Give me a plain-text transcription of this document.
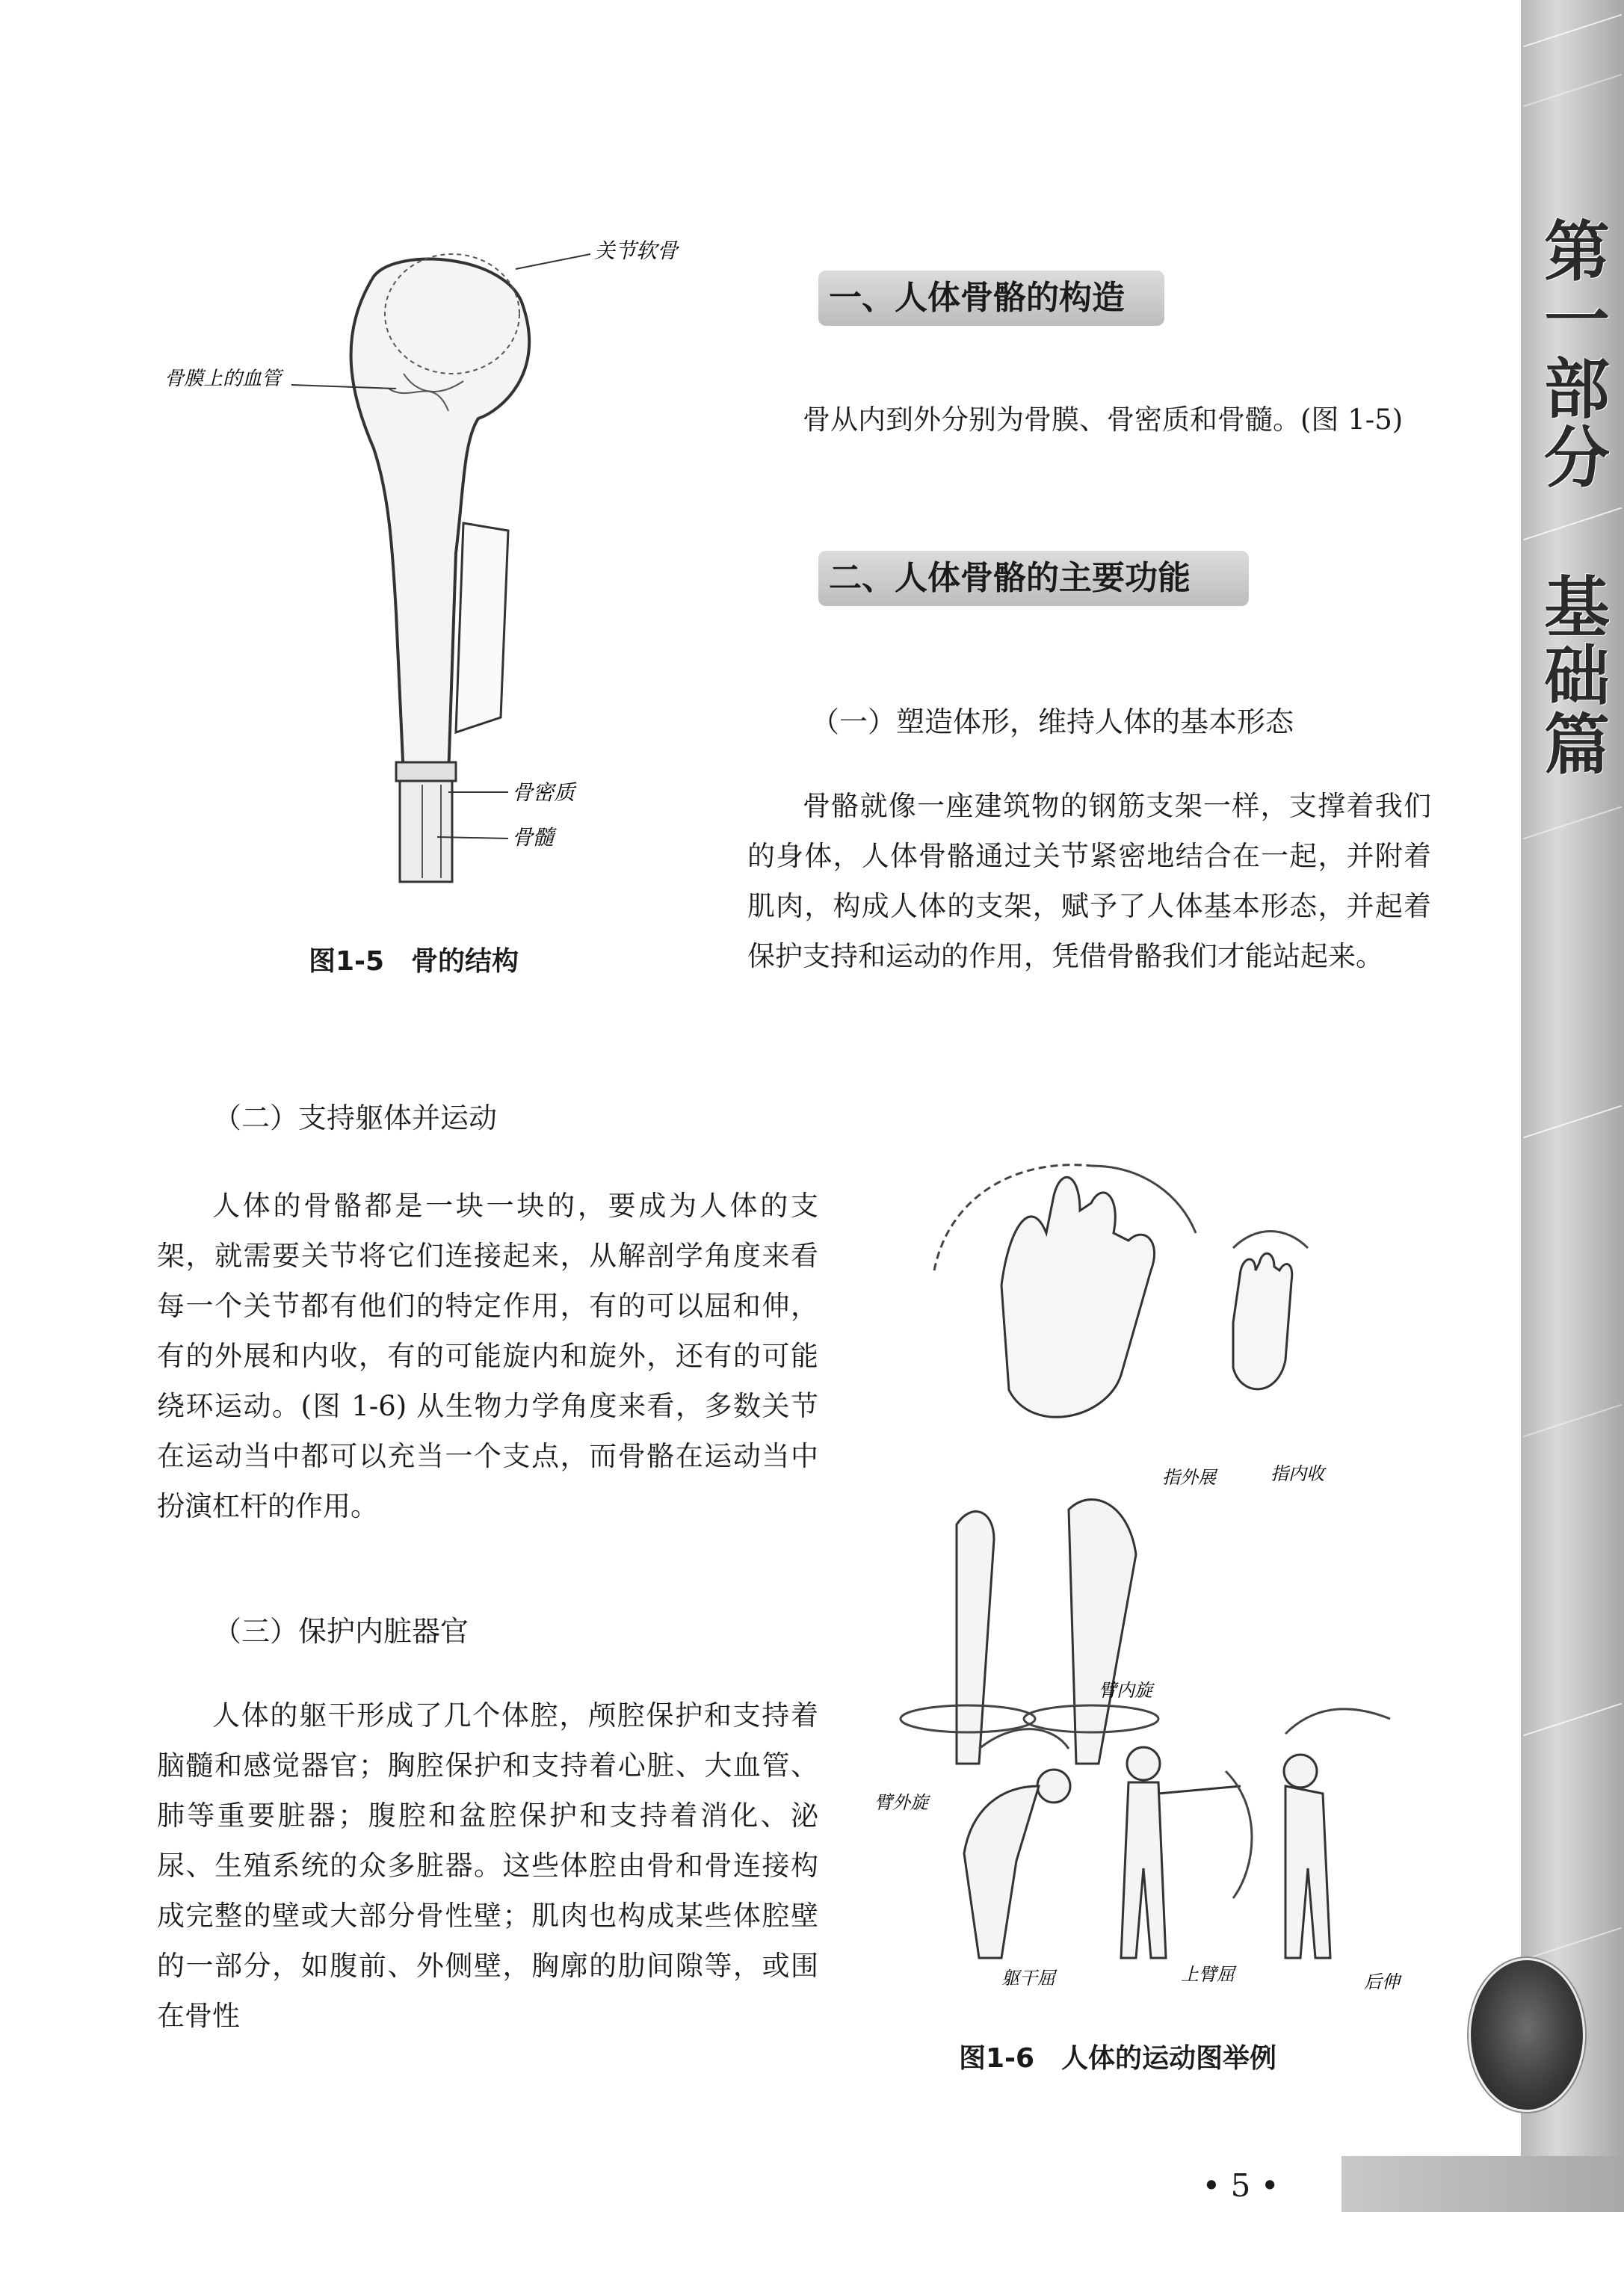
第一部分 基础篇
关节软骨
骨膜上的血管
骨密质
骨髓
图1-5　骨的结构
一、人体骨骼的构造

骨从内到外分别为骨膜、骨密质和骨髓。(图 1-5)

二、人体骨骼的主要功能
（一）塑造体形，维持人体的基本形态

骨骼就像一座建筑物的钢筋支架一样，支撑着我们的身体，人体骨骼通过关节紧密地结合在一起，并附着肌肉，构成人体的支架，赋予了人体基本形态，并起着保护支持和运动的作用，凭借骨骼我们才能站起来。

（二）支持躯体并运动

人体的骨骼都是一块一块的，要成为人体的支架，就需要关节将它们连接起来，从解剖学角度来看每一个关节都有他们的特定作用，有的可以屈和伸，有的外展和内收，有的可能旋内和旋外，还有的可能绕环运动。(图 1-6) 从生物力学角度来看，多数关节在运动当中都可以充当一个支点，而骨骼在运动当中扮演杠杆的作用。

（三）保护内脏器官

人体的躯干形成了几个体腔，颅腔保护和支持着脑髓和感觉器官；胸腔保护和支持着心脏、大血管、肺等重要脏器；腹腔和盆腔保护和支持着消化、泌尿、生殖系统的众多脏器。这些体腔由骨和骨连接构成完整的壁或大部分骨性壁；肌肉也构成某些体腔壁的一部分，如腹前、外侧壁，胸廓的肋间隙等，或围在骨性

指外展	指内收
臂外旋
臂内旋
躯干屈	上臂屈	后伸
图1-6　人体的运动图举例
• 5 •
